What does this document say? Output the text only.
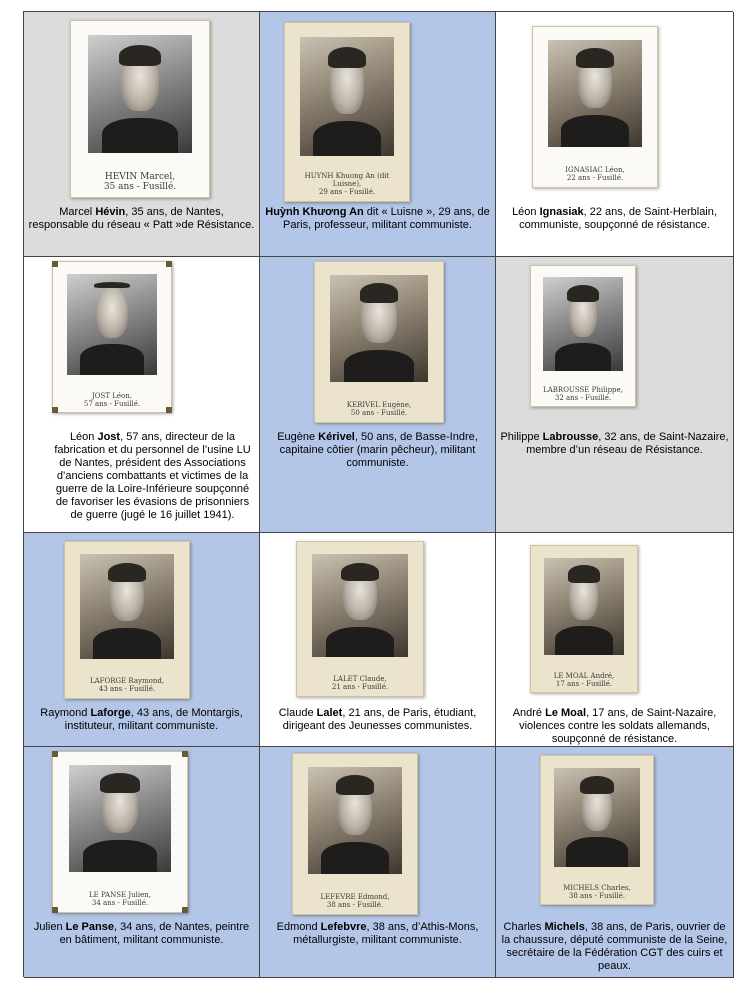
HEVIN Marcel,
35 ans - Fusillé.
Marcel Hévin, 35 ans, de Nantes, responsable du réseau « Patt »de Résistance.
HUYNH Khuong An (dit Luisne),
29 ans - Fusillé.
Huỳnh Khương An dit « Luisne », 29 ans, de Paris, professeur, militant communiste.
IGNASIAC Léon,
22 ans - Fusillé.
Léon Ignasiak, 22 ans, de Saint-Herblain, communiste, soupçonné de résistance.
JOST Léon,
57 ans - Fusillé.
Léon Jost, 57 ans, directeur de la fabrication et du personnel de l’usine LU de Nantes, président des Associations d’anciens combattants et victimes de la guerre de la Loire-Inférieure soupçonné de favoriser les évasions de prisonniers de guerre (jugé le 16 juillet 1941).
KERIVEL Eugène,
50 ans - Fusillé.
Eugène Kérivel, 50 ans, de Basse-Indre, capitaine côtier (marin pêcheur), militant communiste.
LABROUSSE Philippe,
32 ans - Fusillé.
Philippe Labrousse, 32 ans, de Saint-Nazaire, membre d’un réseau de Résistance.
LAFORGE Raymond,
43 ans - Fusillé.
Raymond Laforge, 43 ans, de Montargis, instituteur, militant communiste.
LALET Claude,
21 ans - Fusillé.
Claude Lalet, 21 ans, de Paris, étudiant, dirigeant des Jeunesses communistes.
LE MOAL André,
17 ans - Fusillé.
André Le Moal, 17 ans, de Saint-Nazaire, violences contre les soldats allemands, soupçonné de résistance.
LE PANSE Julien,
34 ans - Fusillé.
Julien Le Panse, 34 ans, de Nantes, peintre en bâtiment, militant communiste.
LEFEVRE Edmond,
38 ans - Fusillé.
Edmond Lefebvre, 38 ans, d’Athis-Mons, métallurgiste, militant communiste.
MICHELS Charles,
38 ans - Fusillé.
Charles Michels, 38 ans, de Paris, ouvrier de la chaussure, député communiste de la Seine, secrétaire de la Fédération CGT des cuirs et peaux.
